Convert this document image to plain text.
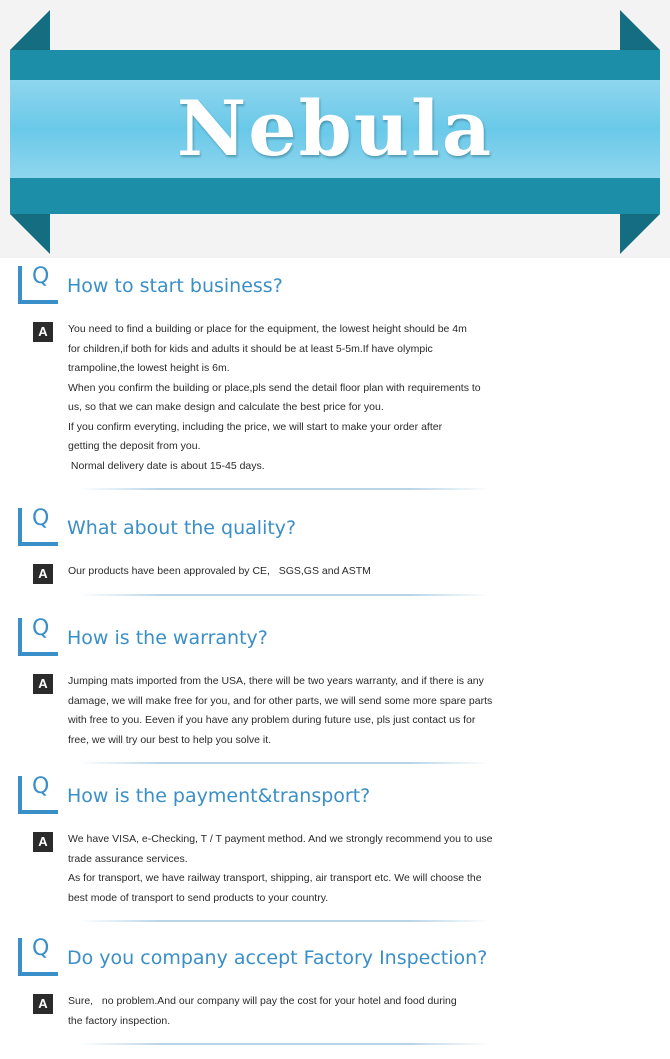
Nebula
Q How to start business?
A	You need to find a building or place for the equipment, the lowest height should be 4m
for children,if both for kids and adults it should be at least 5-5m.If have olympic
trampoline,the lowest height is 6m.
When you confirm the building or place,pls send the detail floor plan with requirements to
us, so that we can make design and calculate the best price for you.
If you confirm everyting, including the price, we will start to make your order after
getting the deposit from you.
Normal delivery date is about 15-45 days.
Q What about the quality?
A	Our products have been approvaled by CE,   SGS,GS and ASTM
Q How is the warranty?
A	Jumping mats imported from the USA, there will be two years warranty, and if there is any
damage, we will make free for you, and for other parts, we will send some more spare parts
with free to you. Eeven if you have any problem during future use, pls just contact us for
free, we will try our best to help you solve it.
Q How is the payment&transport?
A	We have VISA, e-Checking, T / T payment method. And we strongly recommend you to use
trade assurance services.
As for transport, we have railway transport, shipping, air transport etc. We will choose the
best mode of transport to send products to your country.
Q Do you company accept Factory Inspection?
A	Sure,   no problem.And our company will pay the cost for your hotel and food during
the factory inspection.
